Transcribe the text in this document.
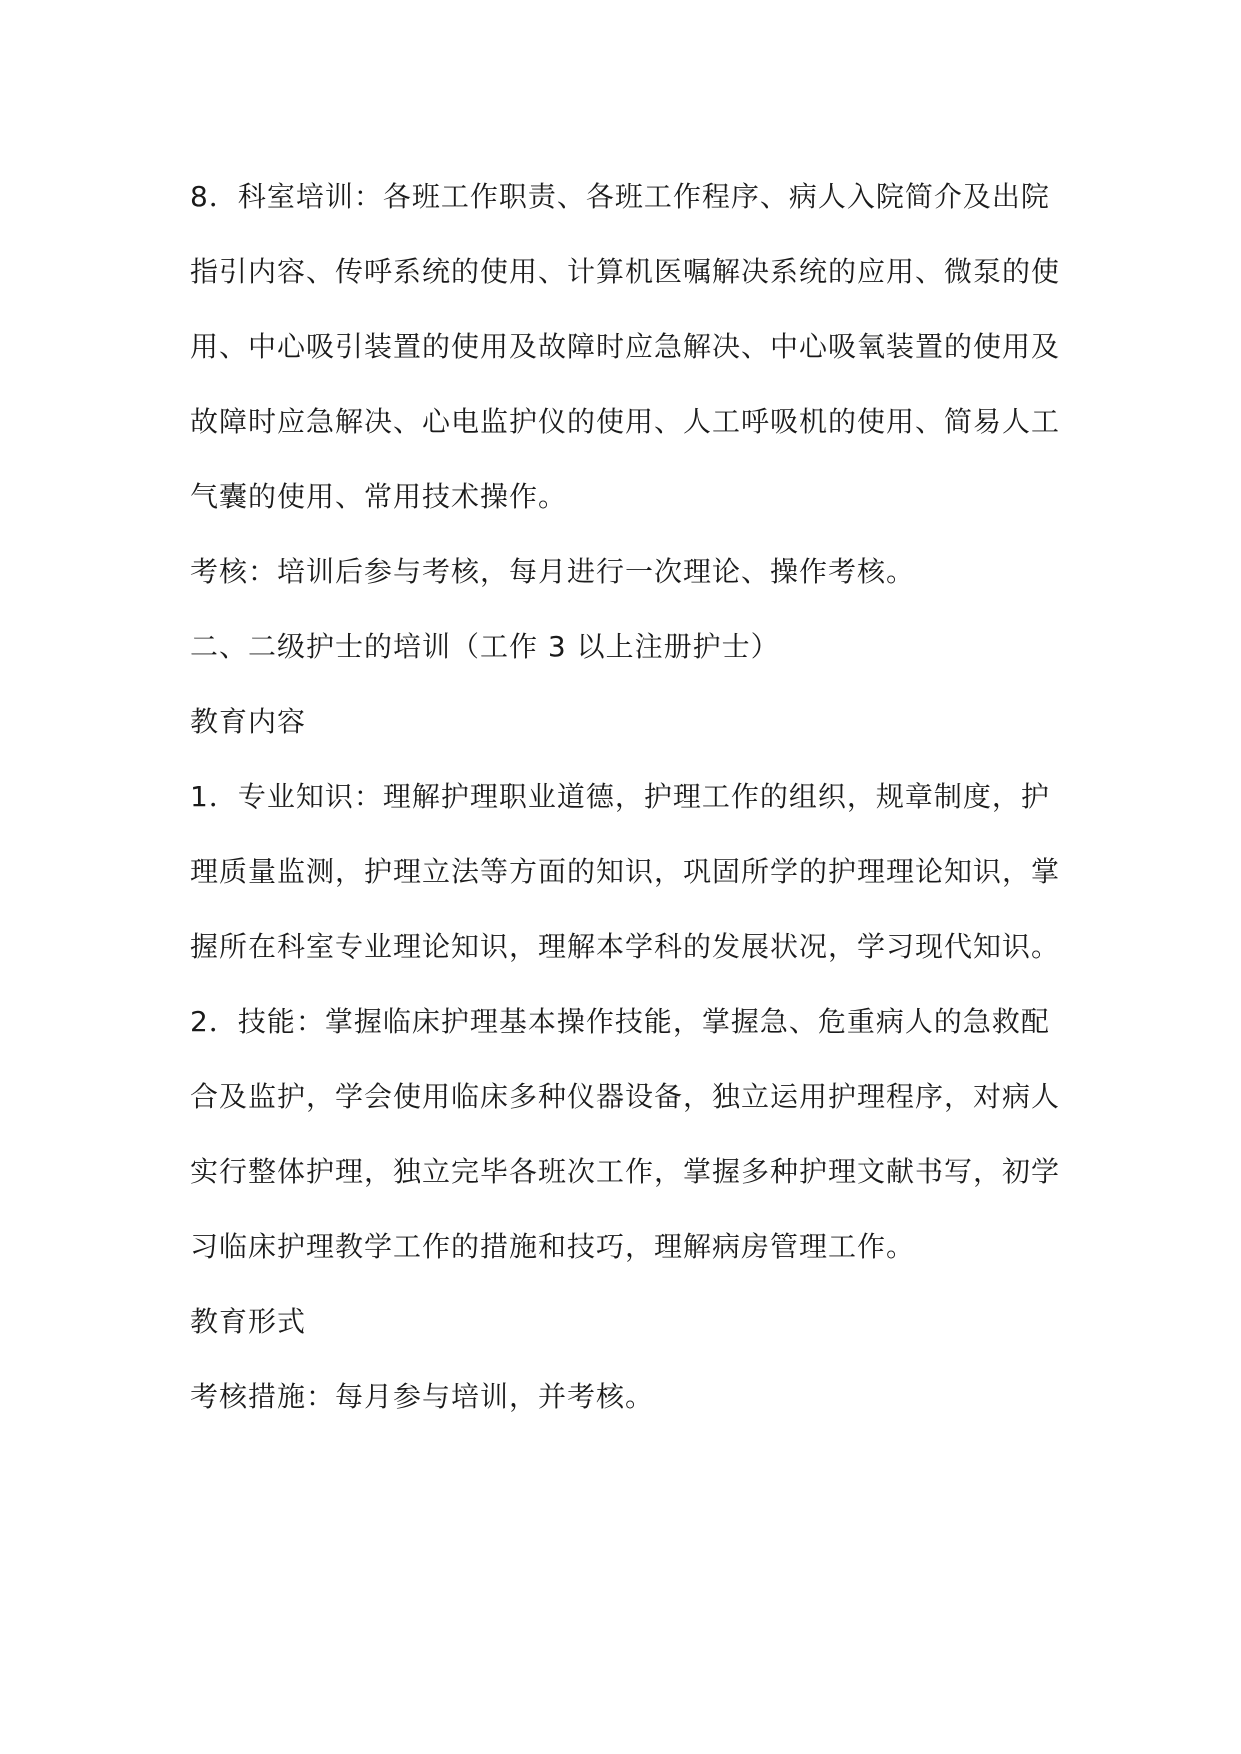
8．科室培训：各班工作职责、各班工作程序、病人入院简介及出院指引内容、传呼系统的使用、计算机医嘱解决系统的应用、微泵的使用、中心吸引装置的使用及故障时应急解决、中心吸氧装置的使用及故障时应急解决、心电监护仪的使用、人工呼吸机的使用、简易人工气囊的使用、常用技术操作。

考核：培训后参与考核，每月进行一次理论、操作考核。

二、二级护士的培训（工作 3 以上注册护士）

教育内容

1．专业知识：理解护理职业道德，护理工作的组织，规章制度，护理质量监测，护理立法等方面的知识，巩固所学的护理理论知识，掌握所在科室专业理论知识，理解本学科的发展状况，学习现代知识。

2．技能：掌握临床护理基本操作技能，掌握急、危重病人的急救配合及监护，学会使用临床多种仪器设备，独立运用护理程序，对病人实行整体护理，独立完毕各班次工作，掌握多种护理文献书写，初学习临床护理教学工作的措施和技巧，理解病房管理工作。

教育形式

考核措施：每月参与培训，并考核。
